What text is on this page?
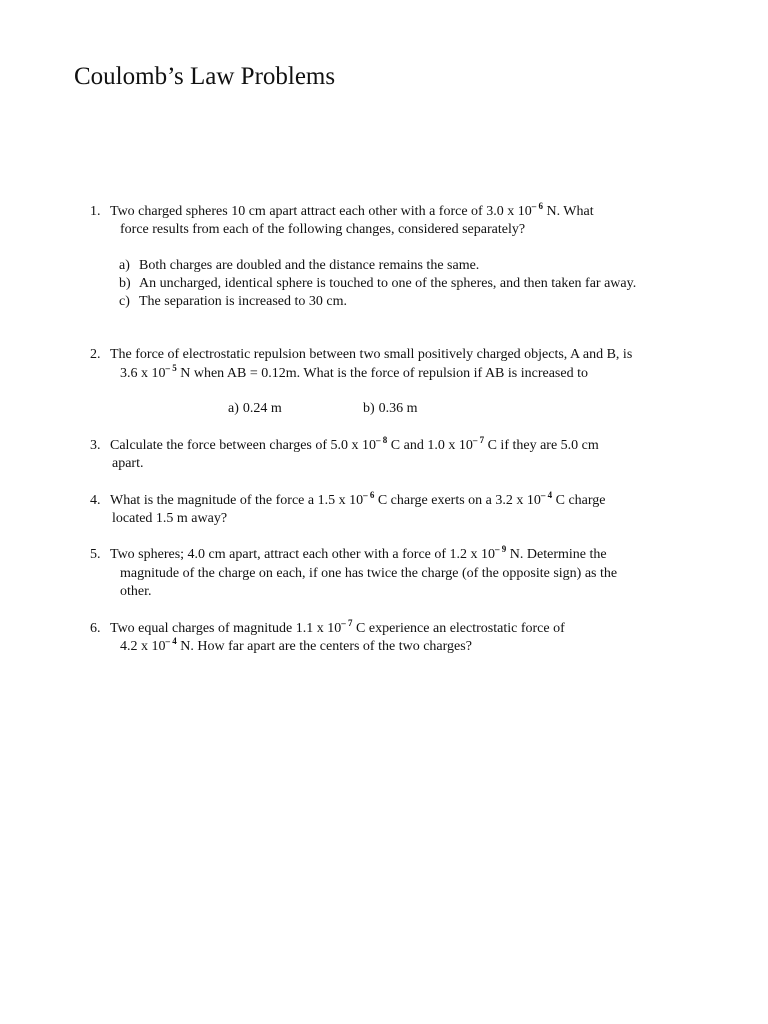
Coulomb’s Law Problems
1. Two charged spheres 10 cm apart attract each other with a force of 3.0 x $10^{- 6}$ N. What
force results from each of the following changes, considered separately?
a) Both charges are doubled and the distance remains the same.
b) An uncharged, identical sphere is touched to one of the spheres, and then taken far away.
c) The separation is increased to 30 cm.
2. The force of electrostatic repulsion between two small positively charged objects, A and B, is
3.6 x $10^{- 5}$ N when AB = 0.12m. What is the force of repulsion if AB is increased to
a) 0.24 m	b) 0.36 m
3. Calculate the force between charges of 5.0 x $10^{- 8}$ C and 1.0 x $10^{- 7}$ C if they are 5.0 cm
apart.
4. What is the magnitude of the force a 1.5 x $10^{- 6}$ C charge exerts on a 3.2 x $10^{- 4}$ C charge
located 1.5 m away?
5. Two spheres; 4.0 cm apart, attract each other with a force of 1.2 x $10^{- 9}$ N. Determine the
magnitude of the charge on each, if one has twice the charge (of the opposite sign) as the
other.
6. Two equal charges of magnitude 1.1 x $10^{- 7}$ C experience an electrostatic force of
4.2 x $10^{- 4}$ N. How far apart are the centers of the two charges?
